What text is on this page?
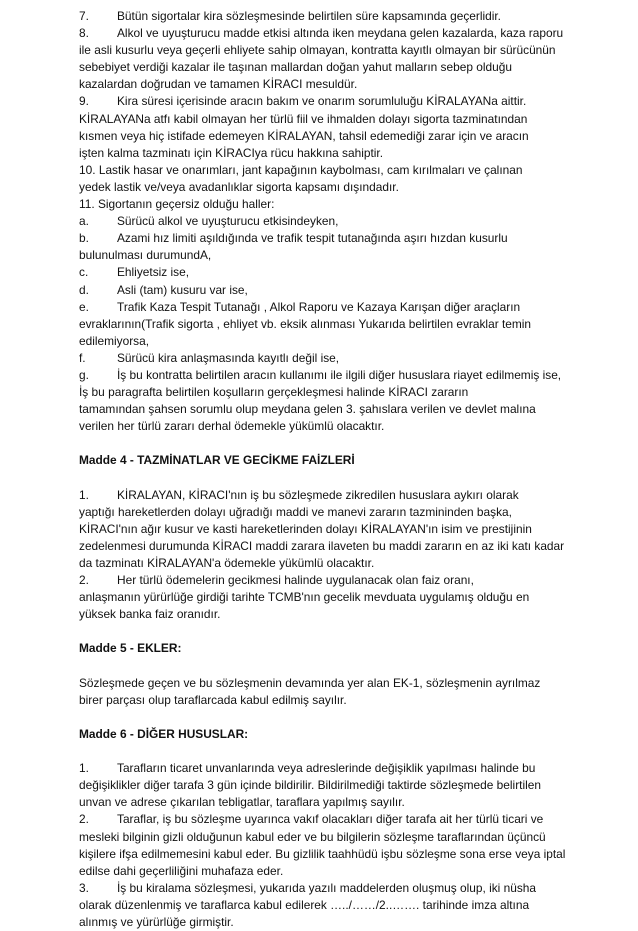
7. Bütün sigortalar kira sözleşmesinde belirtilen süre kapsamında geçerlidir.
8. Alkol ve uyuşturucu madde etkisi altında iken meydana gelen kazalarda, kaza raporu
ile asli kusurlu veya geçerli ehliyete sahip olmayan, kontratta kayıtlı olmayan bir sürücünün
sebebiyet verdiği kazalar ile taşınan mallardan doğan yahut malların sebep olduğu
kazalardan doğrudan ve tamamen KİRACI mesuldür.
9. Kira süresi içerisinde aracın bakım ve onarım sorumluluğu KİRALAYANa aittir.
KİRALAYANa atfı kabil olmayan her türlü fiil ve ihmalden dolayı sigorta tazminatından
kısmen veya hiç istifade edemeyen KİRALAYAN, tahsil edemediği zarar için ve aracın
işten kalma tazminatı için KİRACIya rücu hakkına sahiptir.
10. Lastik hasar ve onarımları, jant kapağının kaybolması, cam kırılmaları ve çalınan
yedek lastik ve/veya avadanlıklar sigorta kapsamı dışındadır.
11. Sigortanın geçersiz olduğu haller:
a. Sürücü alkol ve uyuşturucu etkisindeyken,
b. Azami hız limiti aşıldığında ve trafik tespit tutanağında aşırı hızdan kusurlu
bulunulması durumundA,
c. Ehliyetsiz ise,
d. Asli (tam) kusuru var ise,
e. Trafik Kaza Tespit Tutanağı , Alkol Raporu ve Kazaya Karışan diğer araçların
evraklarının(Trafik sigorta , ehliyet vb. eksik alınması Yukarıda belirtilen evraklar temin
edilemiyorsa,
f.	Sürücü kira anlaşmasında kayıtlı değil ise,
g. İş bu kontratta belirtilen aracın kullanımı ile ilgili diğer hususlara riayet edilmemiş ise,
İş bu paragrafta belirtilen koşulların gerçekleşmesi halinde KİRACI zararın
tamamından şahsen sorumlu olup meydana gelen 3. şahıslara verilen ve devlet malına
verilen her türlü zararı derhal ödemekle yükümlü olacaktır.
Madde 4 - TAZMİNATLAR VE GECİKME FAİZLERİ
1. KİRALAYAN, KİRACI'nın iş bu sözleşmede zikredilen hususlara aykırı olarak
yaptığı hareketlerden dolayı uğradığı maddi ve manevi zararın tazmininden başka,
KİRACI'nın ağır kusur ve kasti hareketlerinden dolayı KİRALAYAN'ın isim ve prestijinin
zedelenmesi durumunda KİRACI maddi zarara ilaveten bu maddi zararın en az iki katı kadar
da tazminatı KİRALAYAN'a ödemekle yükümlü olacaktır.
2. Her türlü ödemelerin gecikmesi halinde uygulanacak olan faiz oranı,
anlaşmanın yürürlüğe girdiği tarihte TCMB'nın gecelik mevduata uygulamış olduğu en
yüksek banka faiz oranıdır.
Madde 5 - EKLER:
Sözleşmede geçen ve bu sözleşmenin devamında yer alan EK-1, sözleşmenin ayrılmaz
birer parçası olup taraflarcada kabul edilmiş sayılır.
Madde 6 - DİĞER HUSUSLAR:
1. Tarafların ticaret unvanlarında veya adreslerinde değişiklik yapılması halinde bu
değişiklikler diğer tarafa 3 gün içinde bildirilir. Bildirilmediği taktirde sözleşmede belirtilen
unvan ve adrese çıkarılan tebligatlar, taraflara yapılmış sayılır.
2. Taraflar, iş bu sözleşme uyarınca vakıf olacakları diğer tarafa ait her türlü ticari ve
mesleki bilginin gizli olduğunun kabul eder ve bu bilgilerin sözleşme taraflarından üçüncü
kişilere ifşa edilmemesini kabul eder. Bu gizlilik taahhüdü işbu sözleşme sona erse veya iptal
edilse dahi geçerliliğini muhafaza eder.
3. İş bu kiralama sözleşmesi, yukarıda yazılı maddelerden oluşmuş olup, iki nüsha
olarak düzenlenmiş ve taraflarca kabul edilerek …../……/2..……. tarihinde imza altına
alınmış ve yürürlüğe girmiştir.
